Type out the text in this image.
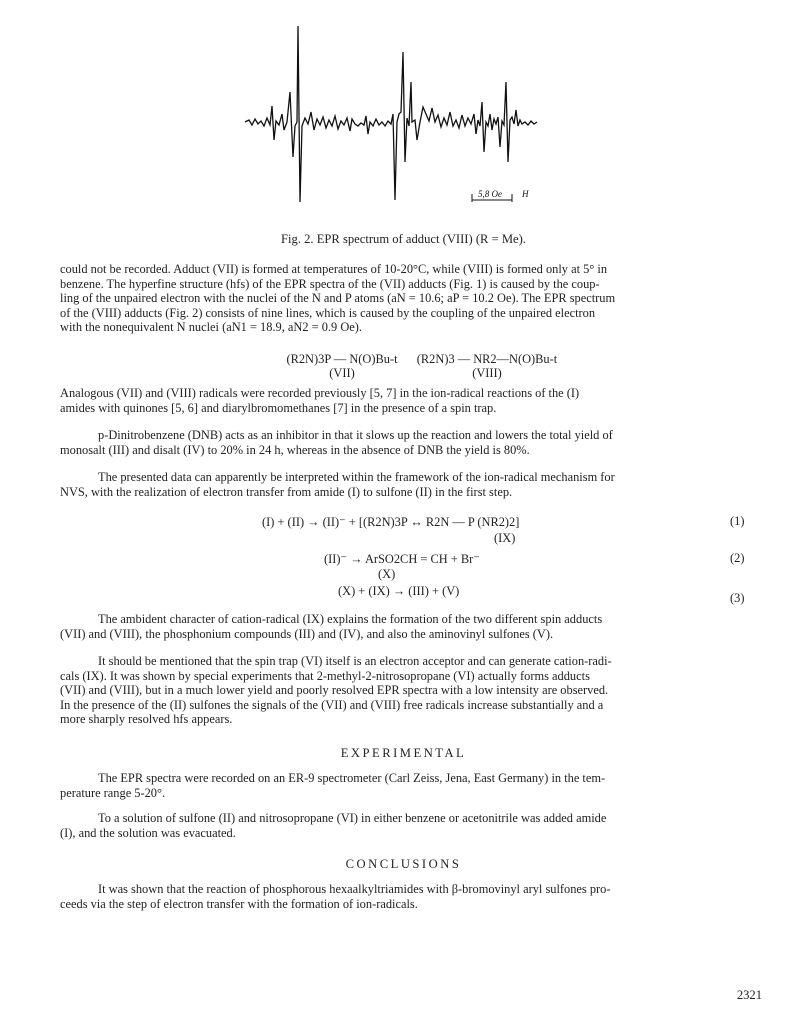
5,8 Oe H
Fig. 2. EPR spectrum of adduct (VIII) (R = Me).
could not be recorded. Adduct (VII) is formed at temperatures of 10-20°C, while (VIII) is formed only at 5° in
benzene. The hyperfine structure (hfs) of the EPR spectra of the (VII) adducts (Fig. 1) is caused by the coup-
ling of the unpaired electron with the nuclei of the N and P atoms (aN = 10.6; aP = 10.2 Oe). The EPR spectrum
of the (VIII) adducts (Fig. 2) consists of nine lines, which is caused by the coupling of the unpaired electron
with the nonequivalent N nuclei (aN1 = 18.9, aN2 = 0.9 Oe).
(R2N)3P — N(O)Bu-t
(VII)
(R2N)3 — NR2—N(O)Bu-t
(VIII)
Analogous (VII) and (VIII) radicals were recorded previously [5, 7] in the ion-radical reactions of the (I)
amides with quinones [5, 6] and diarylbromomethanes [7] in the presence of a spin trap.
p-Dinitrobenzene (DNB) acts as an inhibitor in that it slows up the reaction and lowers the total yield of
monosalt (III) and disalt (IV) to 20% in 24 h, whereas in the absence of DNB the yield is 80%.
The presented data can apparently be interpreted within the framework of the ion-radical mechanism for
NVS, with the realization of electron transfer from amide (I) to sulfone (II) in the first step.
(I) + (II) → (II)⁻ + [(R2N)3P ↔ R2N — P (NR2)2]
(IX)
(1)
(II)⁻ → ArSO2CH = CH + Br⁻
(X)
(2)
(X) + (IX) → (III) + (V)	(3)
The ambident character of cation-radical (IX) explains the formation of the two different spin adducts
(VII) and (VIII), the phosphonium compounds (III) and (IV), and also the aminovinyl sulfones (V).
It should be mentioned that the spin trap (VI) itself is an electron acceptor and can generate cation-radi-
cals (IX). It was shown by special experiments that 2-methyl-2-nitrosopropane (VI) actually forms adducts
(VII) and (VIII), but in a much lower yield and poorly resolved EPR spectra with a low intensity are observed.
In the presence of the (II) sulfones the signals of the (VII) and (VIII) free radicals increase substantially and a
more sharply resolved hfs appears.
EXPERIMENTAL
The EPR spectra were recorded on an ER-9 spectrometer (Carl Zeiss, Jena, East Germany) in the tem-
perature range 5-20°.
To a solution of sulfone (II) and nitrosopropane (VI) in either benzene or acetonitrile was added amide
(I), and the solution was evacuated.
CONCLUSIONS
It was shown that the reaction of phosphorous hexaalkyltriamides with β-bromovinyl aryl sulfones pro-
ceeds via the step of electron transfer with the formation of ion-radicals.
2321
